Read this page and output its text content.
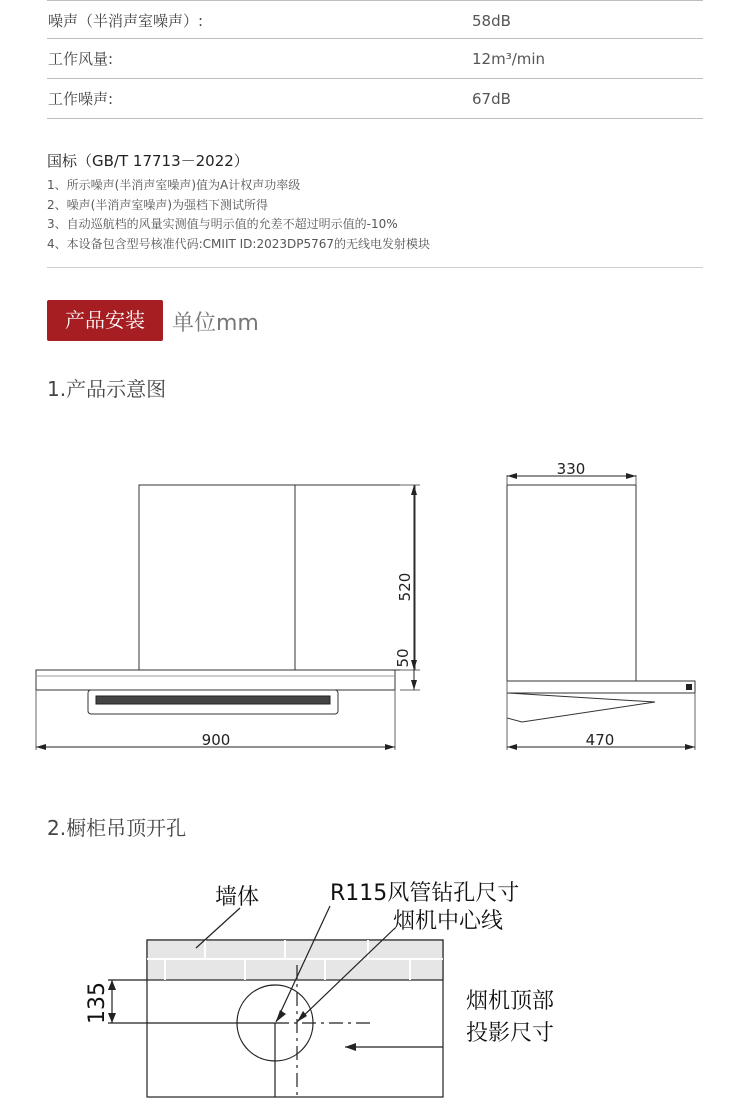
噪声（半消声室噪声）:	58dB
工作风量:	12m³/min
工作噪声:	67dB
国标（GB/T 17713－2022）
1、所示噪声(半消声室噪声)值为A计权声功率级
2、噪声(半消声室噪声)为强档下测试所得
3、自动巡航档的风量实测值与明示值的允差不超过明示值的-10%
4、本设备包含型号核准代码:CMIIT ID:2023DP5767的无线电发射模块
产品安装	单位mm
1.产品示意图
900
520
50
330
470
2.橱柜吊顶开孔
墙体	R115风管钻孔尺寸
烟机中心线
烟机顶部
投影尺寸
135
